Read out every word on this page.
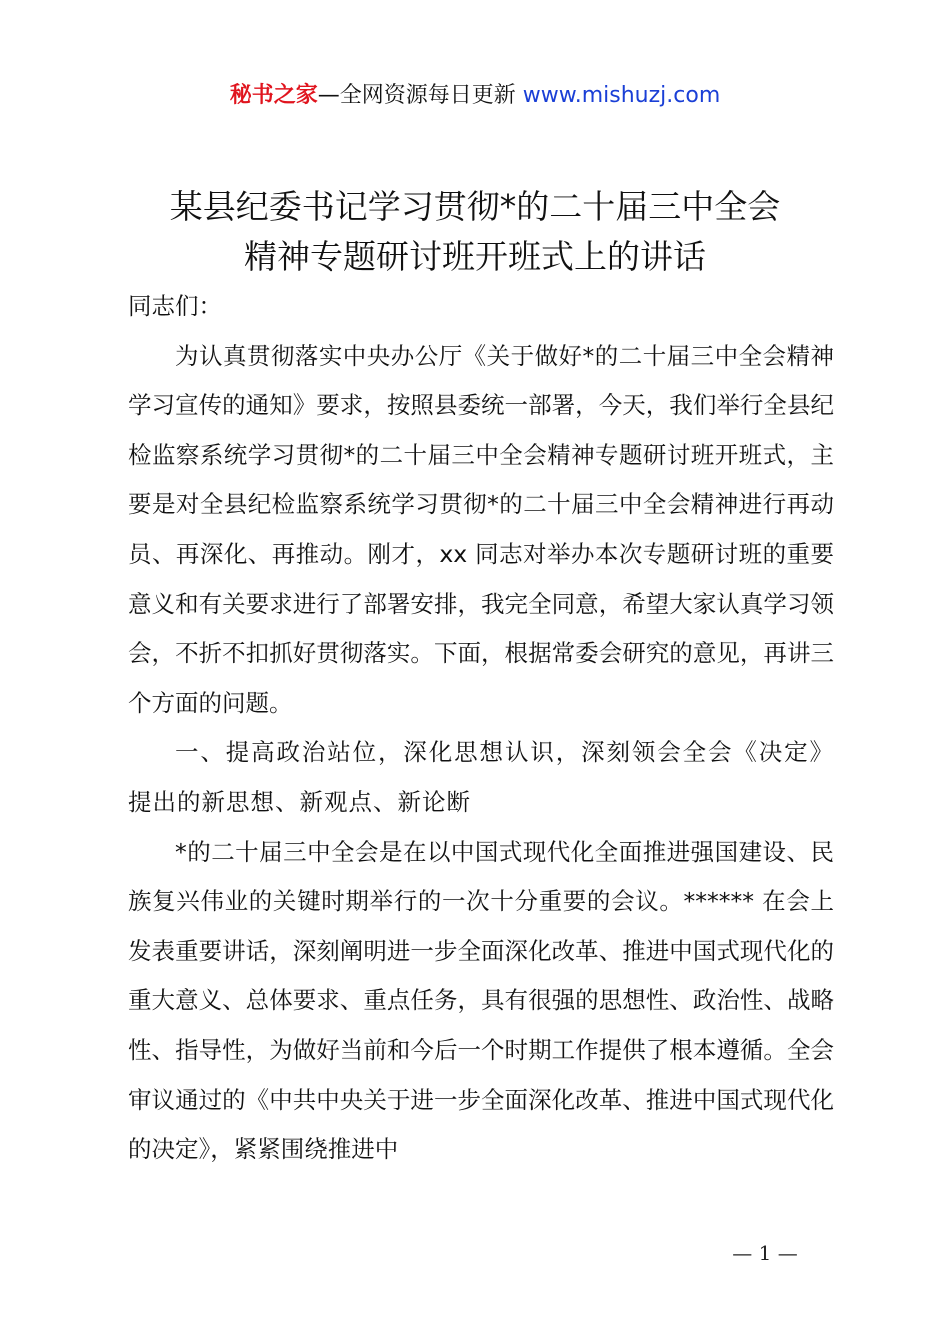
秘书之家—全网资源每日更新 www.mishuzj.com
某县纪委书记学习贯彻*的二十届三中全会
精神专题研讨班开班式上的讲话

同志们：

为认真贯彻落实中央办公厅《关于做好*的二十届三中全会精神学习宣传的通知》要求，按照县委统一部署，今天，我们举行全县纪检监察系统学习贯彻*的二十届三中全会精神专题研讨班开班式，主要是对全县纪检监察系统学习贯彻*的二十届三中全会精神进行再动员、再深化、再推动。刚才，xx 同志对举办本次专题研讨班的重要意义和有关要求进行了部署安排，我完全同意，希望大家认真学习领会，不折不扣抓好贯彻落实。下面，根据常委会研究的意见，再讲三个方面的问题。

一、提高政治站位，深化思想认识，深刻领会全会《决定》提出的新思想、新观点、新论断

*的二十届三中全会是在以中国式现代化全面推进强国建设、民族复兴伟业的关键时期举行的一次十分重要的会议。****** 在会上发表重要讲话，深刻阐明进一步全面深化改革、推进中国式现代化的重大意义、总体要求、重点任务，具有很强的思想性、政治性、战略性、指导性，为做好当前和今后一个时期工作提供了根本遵循。全会审议通过的《中共中央关于进一步全面深化改革、推进中国式现代化的决定》，紧紧围绕推进中

— 1 —
